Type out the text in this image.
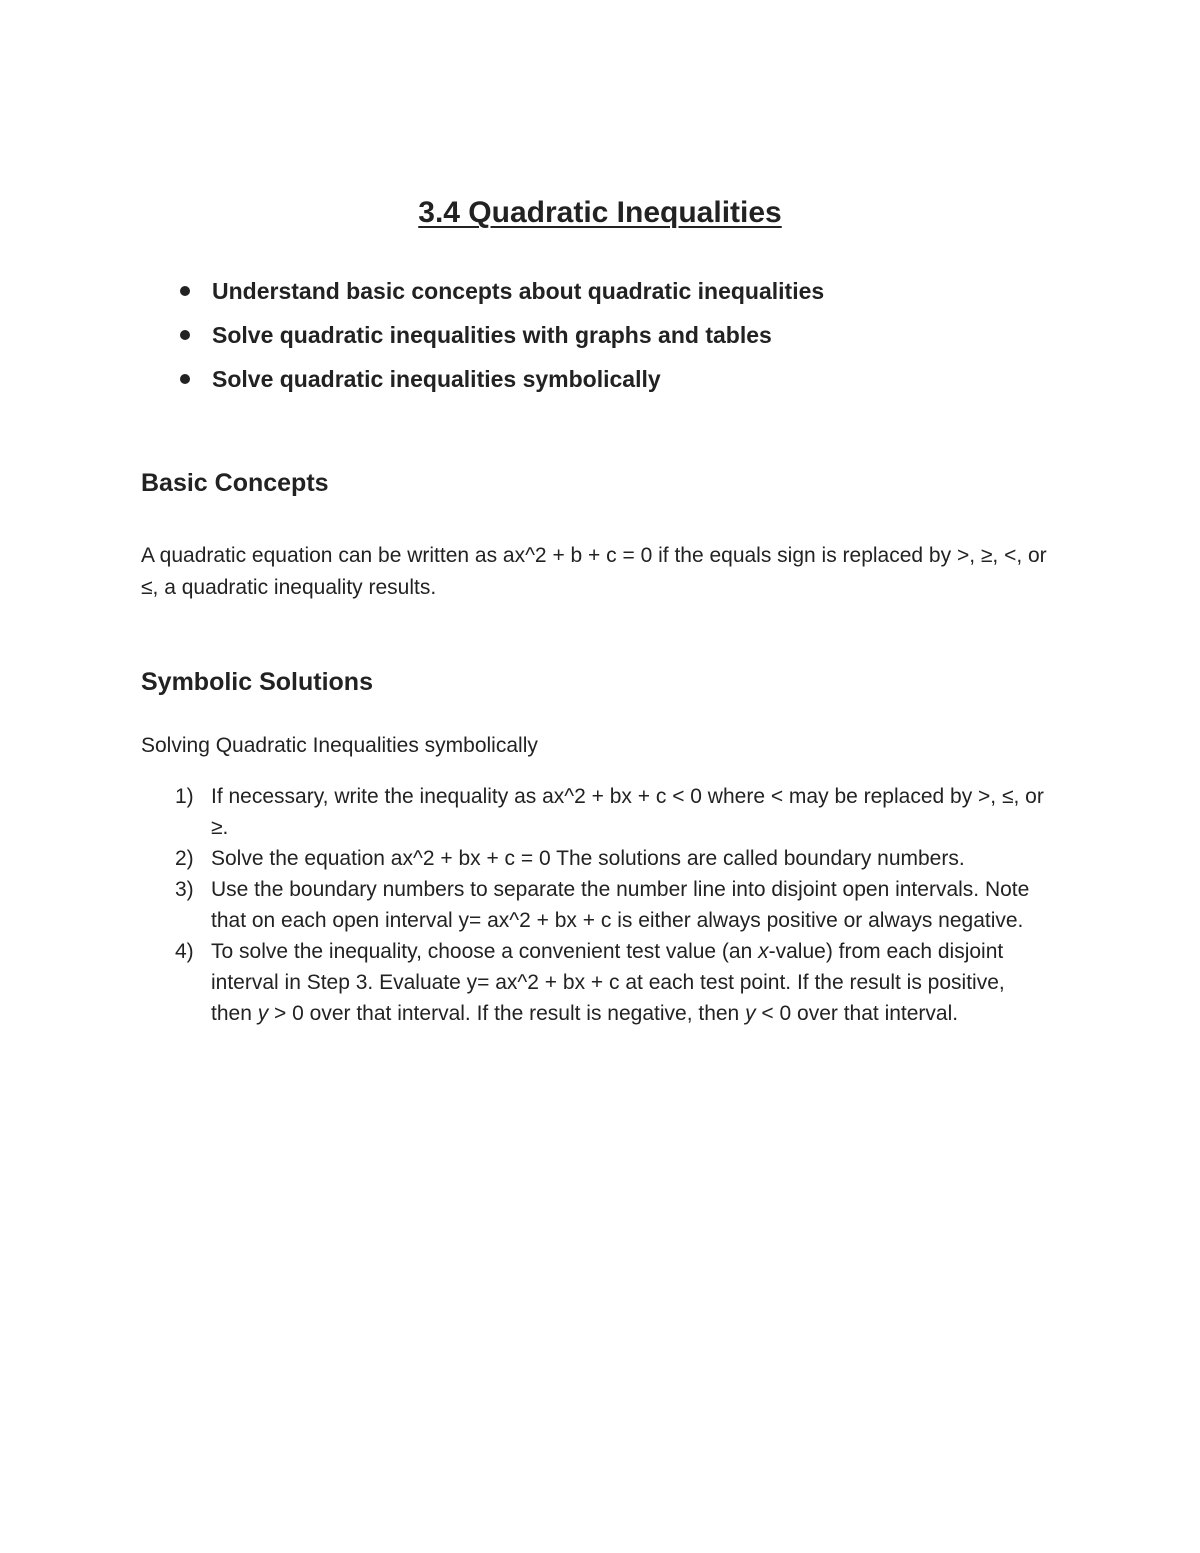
3.4 Quadratic Inequalities
Understand basic concepts about quadratic inequalities
Solve quadratic inequalities with graphs and tables
Solve quadratic inequalities symbolically
Basic Concepts

A quadratic equation can be written as ax^2 + b + c = 0 if the equals sign is replaced by >, ≥, <, or ≤, a quadratic inequality results.

Symbolic Solutions

Solving Quadratic Inequalities symbolically

1) If necessary, write the inequality as ax^2 + bx + c < 0 where < may be replaced by >, ≤, or ≥.
2) Solve the equation ax^2 + bx + c = 0 The solutions are called boundary numbers.
3) Use the boundary numbers to separate the number line into disjoint open intervals. Note that on each open interval y= ax^2 + bx + c is either always positive or always negative.
4) To solve the inequality, choose a convenient test value (an x-value) from each disjoint interval in Step 3. Evaluate y= ax^2 + bx + c at each test point. If the result is positive, then y > 0 over that interval. If the result is negative, then y < 0 over that interval.
